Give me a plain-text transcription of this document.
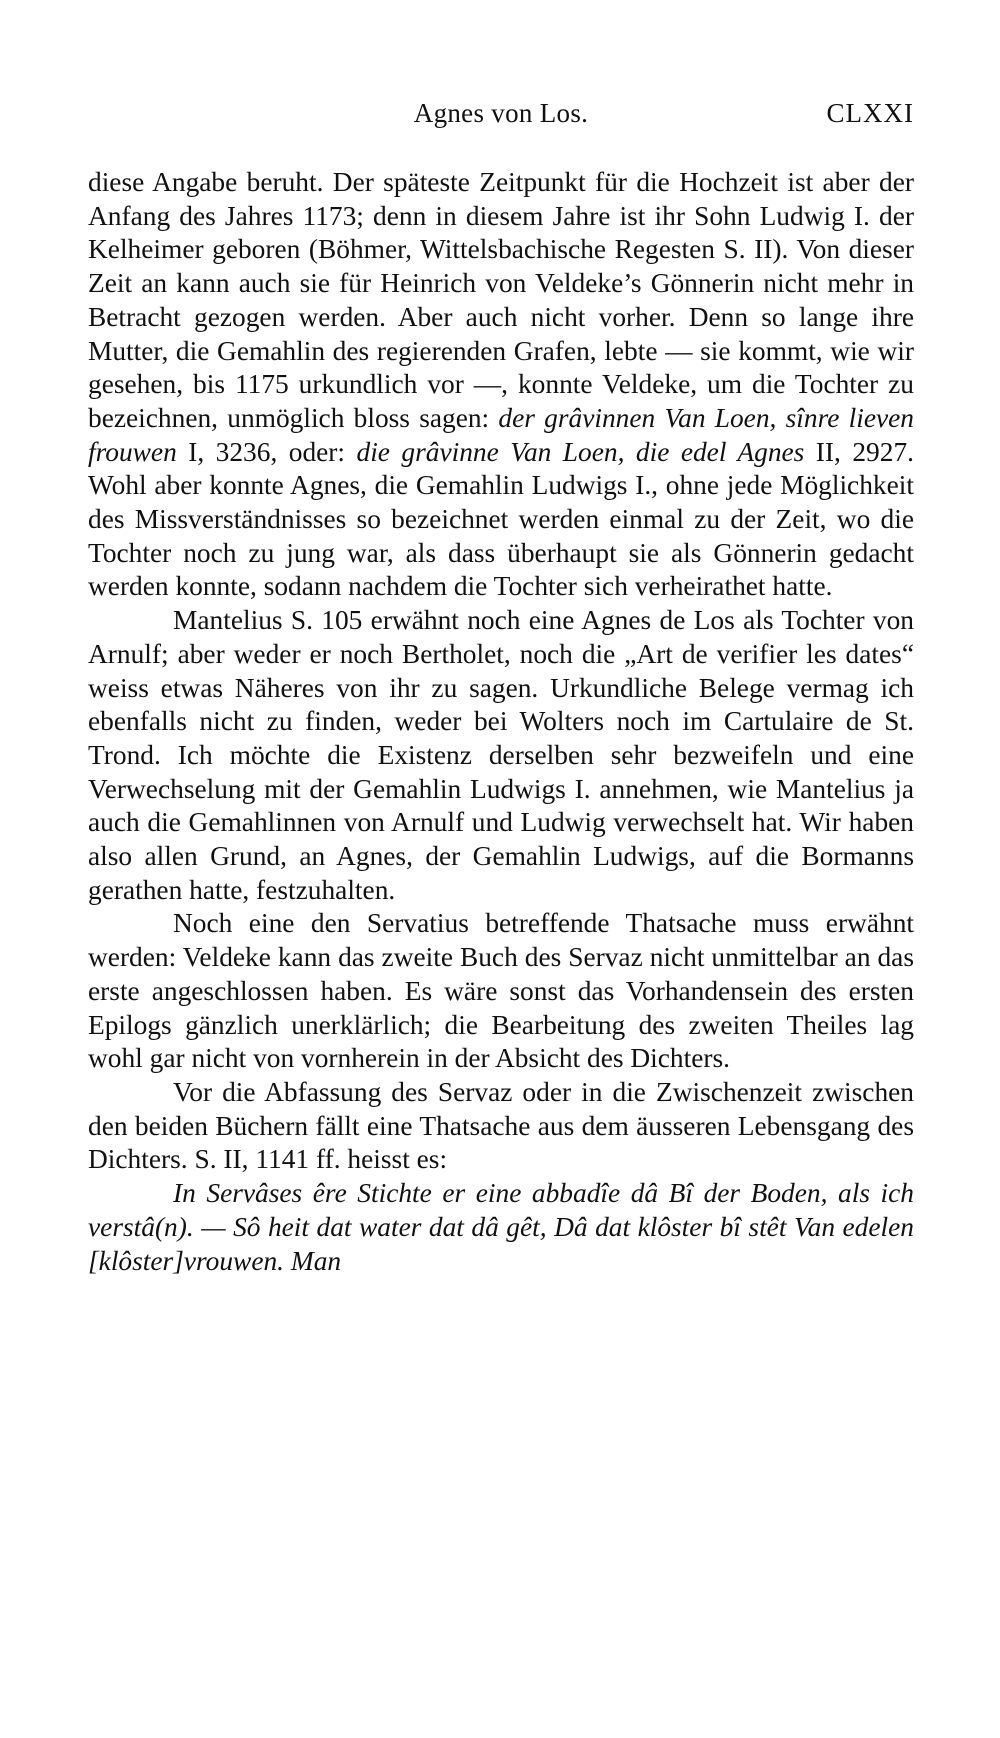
Agnes von Los.	CLXXI

diese Angabe beruht. Der späteste Zeitpunkt für die Hochzeit ist aber der Anfang des Jahres 1173; denn in diesem Jahre ist ihr Sohn Ludwig I. der Kelheimer geboren (Böhmer, Wittelsbachische Regesten S. II). Von dieser Zeit an kann auch sie für Heinrich von Veldeke’s Gönnerin nicht mehr in Betracht gezogen werden. Aber auch nicht vorher. Denn so lange ihre Mutter, die Gemahlin des regierenden Grafen, lebte — sie kommt, wie wir gesehen, bis 1175 urkundlich vor —, konnte Veldeke, um die Tochter zu bezeichnen, unmöglich bloss sagen: der grâvinnen Van Loen, sînre lieven frouwen I, 3236, oder: die grâvinne Van Loen, die edel Agnes II, 2927. Wohl aber konnte Agnes, die Gemahlin Ludwigs I., ohne jede Möglichkeit des Missverständnisses so bezeichnet werden einmal zu der Zeit, wo die Tochter noch zu jung war, als dass überhaupt sie als Gönnerin gedacht werden konnte, sodann nachdem die Tochter sich verheirathet hatte.

Mantelius S. 105 erwähnt noch eine Agnes de Los als Tochter von Arnulf; aber weder er noch Bertholet, noch die „Art de verifier les dates“ weiss etwas Näheres von ihr zu sagen. Urkundliche Belege vermag ich ebenfalls nicht zu finden, weder bei Wolters noch im Cartulaire de St. Trond. Ich möchte die Existenz derselben sehr bezweifeln und eine Verwechselung mit der Gemahlin Ludwigs I. annehmen, wie Mantelius ja auch die Gemahlinnen von Arnulf und Ludwig verwechselt hat. Wir haben also allen Grund, an Agnes, der Gemahlin Ludwigs, auf die Bormanns gerathen hatte, festzuhalten.

Noch eine den Servatius betreffende Thatsache muss erwähnt werden: Veldeke kann das zweite Buch des Servaz nicht unmittelbar an das erste angeschlossen haben. Es wäre sonst das Vorhandensein des ersten Epilogs gänzlich unerklärlich; die Bearbeitung des zweiten Theiles lag wohl gar nicht von vornherein in der Absicht des Dichters.

Vor die Abfassung des Servaz oder in die Zwischenzeit zwischen den beiden Büchern fällt eine Thatsache aus dem äusseren Lebensgang des Dichters. S. II, 1141 ff. heisst es:

In Servâses êre Stichte er eine abbadîe dâ Bî der Boden, als ich verstâ(n). — Sô heit dat water dat dâ gêt, Dâ dat klôster bî stêt Van edelen [klôster]vrouwen. Man
